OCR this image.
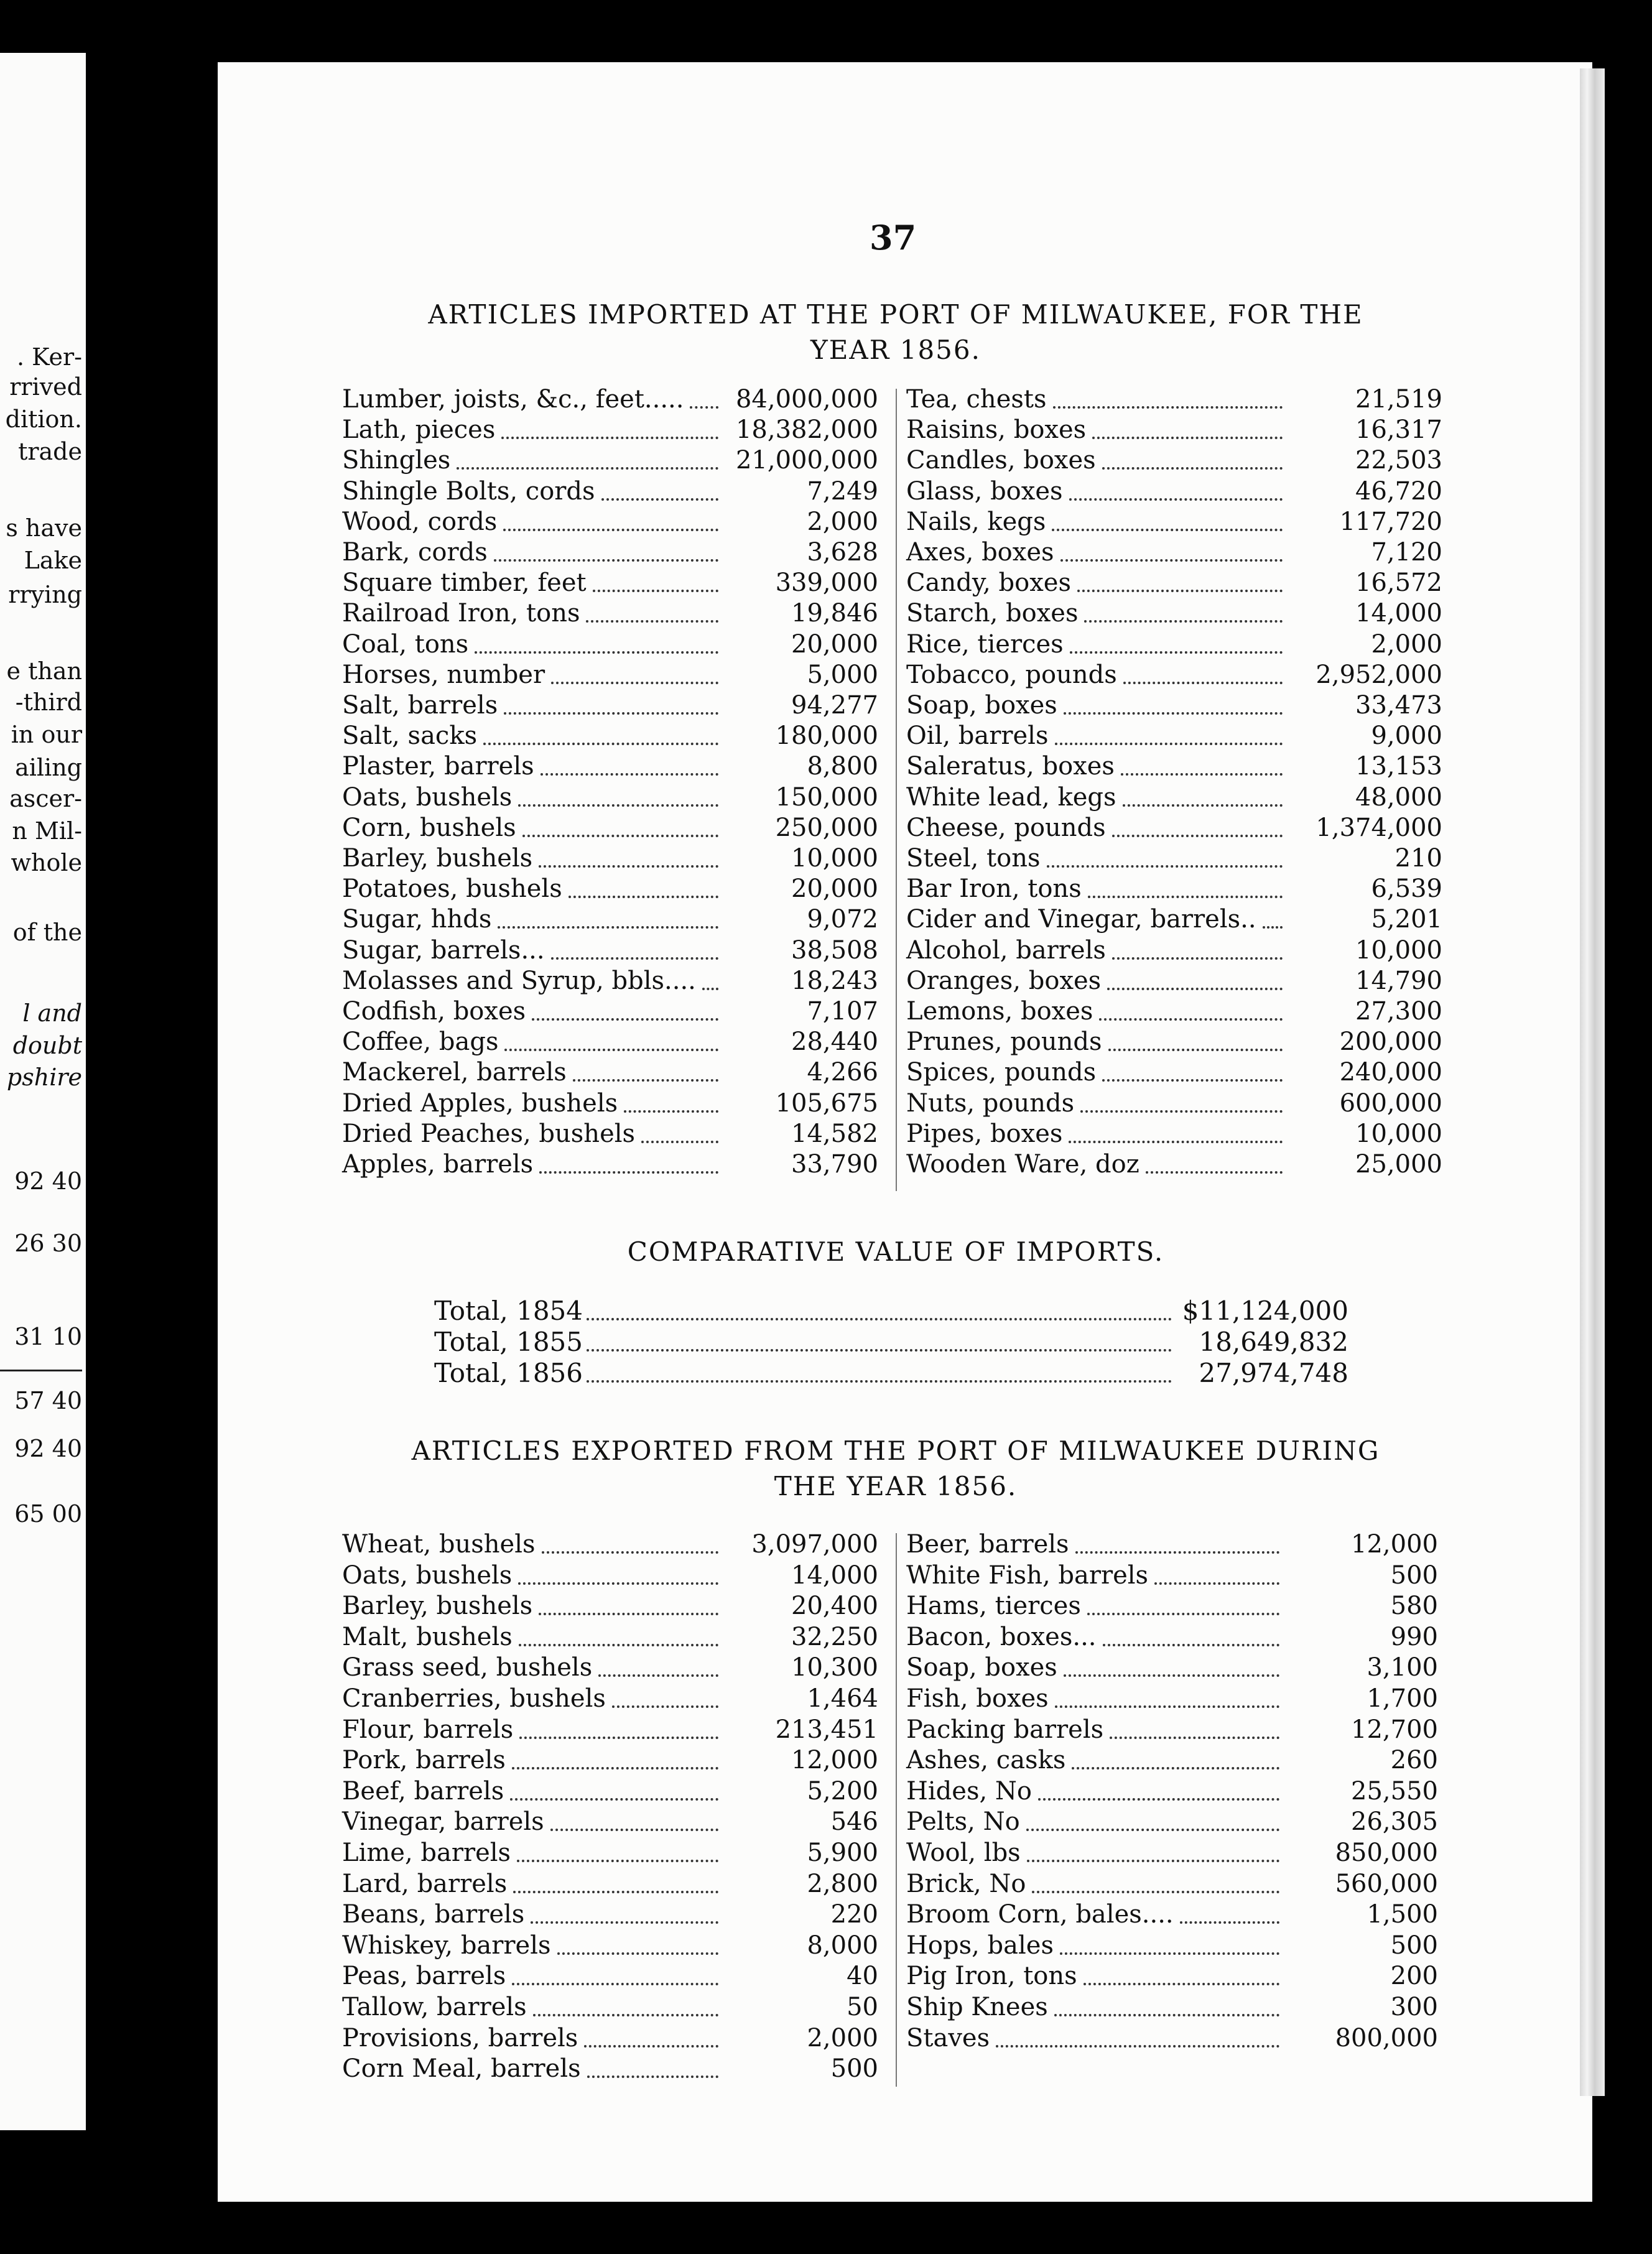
. Ker-
rrived
dition.
trade
s have
Lake
rrying
e than
-third
in our
ailing
ascer-
n Mil-
whole
of the
l and
doubt
pshire
92 40
26 30
31 10
57 40
92 40
65 00
37
ARTICLES IMPORTED AT THE PORT OF MILWAUKEE, FOR THE
YEAR 1856.
Lumber, joists, &c., feet..... 84,000,000
Lath, pieces	18,382,000
Shingles	21,000,000
Shingle Bolts, cords	7,249
Wood, cords	2,000
Bark, cords	3,628
Square timber, feet	339,000
Railroad Iron, tons	19,846
Coal, tons	20,000
Horses, number	5,000
Salt, barrels	94,277
Salt, sacks	180,000
Plaster, barrels	8,800
Oats, bushels	150,000
Corn, bushels	250,000
Barley, bushels	10,000
Potatoes, bushels	20,000
Sugar, hhds	9,072
Sugar, barrels...	38,508
Molasses and Syrup, bbls....	18,243
Codfish, boxes	7,107
Coffee, bags	28,440
Mackerel, barrels	4,266
Dried Apples, bushels	105,675
Dried Peaches, bushels	14,582
Apples, barrels	33,790
Tea, chests	21,519
Raisins, boxes	16,317
Candles, boxes	22,503
Glass, boxes	46,720
Nails, kegs	117,720
Axes, boxes	7,120
Candy, boxes	16,572
Starch, boxes	14,000
Rice, tierces	2,000
Tobacco, pounds	2,952,000
Soap, boxes	33,473
Oil, barrels	9,000
Saleratus, boxes	13,153
White lead, kegs	48,000
Cheese, pounds	1,374,000
Steel, tons	210
Bar Iron, tons	6,539
Cider and Vinegar, barrels..	5,201
Alcohol, barrels	10,000
Oranges, boxes	14,790
Lemons, boxes	27,300
Prunes, pounds	200,000
Spices, pounds	240,000
Nuts, pounds	600,000
Pipes, boxes	10,000
Wooden Ware, doz	25,000
COMPARATIVE VALUE OF IMPORTS.
Total, 1854	$11,124,000
Total, 1855	18,649,832
Total, 1856	27,974,748
ARTICLES EXPORTED FROM THE PORT OF MILWAUKEE DURING
THE YEAR 1856.
Wheat, bushels	3,097,000
Oats, bushels	14,000
Barley, bushels	20,400
Malt, bushels	32,250
Grass seed, bushels	10,300
Cranberries, bushels	1,464
Flour, barrels	213,451
Pork, barrels	12,000
Beef, barrels	5,200
Vinegar, barrels	546
Lime, barrels	5,900
Lard, barrels	2,800
Beans, barrels	220
Whiskey, barrels	8,000
Peas, barrels	40
Tallow, barrels	50
Provisions, barrels	2,000
Corn Meal, barrels	500
Beer, barrels	12,000
White Fish, barrels	500
Hams, tierces	580
Bacon, boxes...	990
Soap, boxes	3,100
Fish, boxes	1,700
Packing barrels	12,700
Ashes, casks	260
Hides, No	25,550
Pelts, No	26,305
Wool, lbs	850,000
Brick, No	560,000
Broom Corn, bales....	1,500
Hops, bales	500
Pig Iron, tons	200
Ship Knees	300
Staves	800,000
